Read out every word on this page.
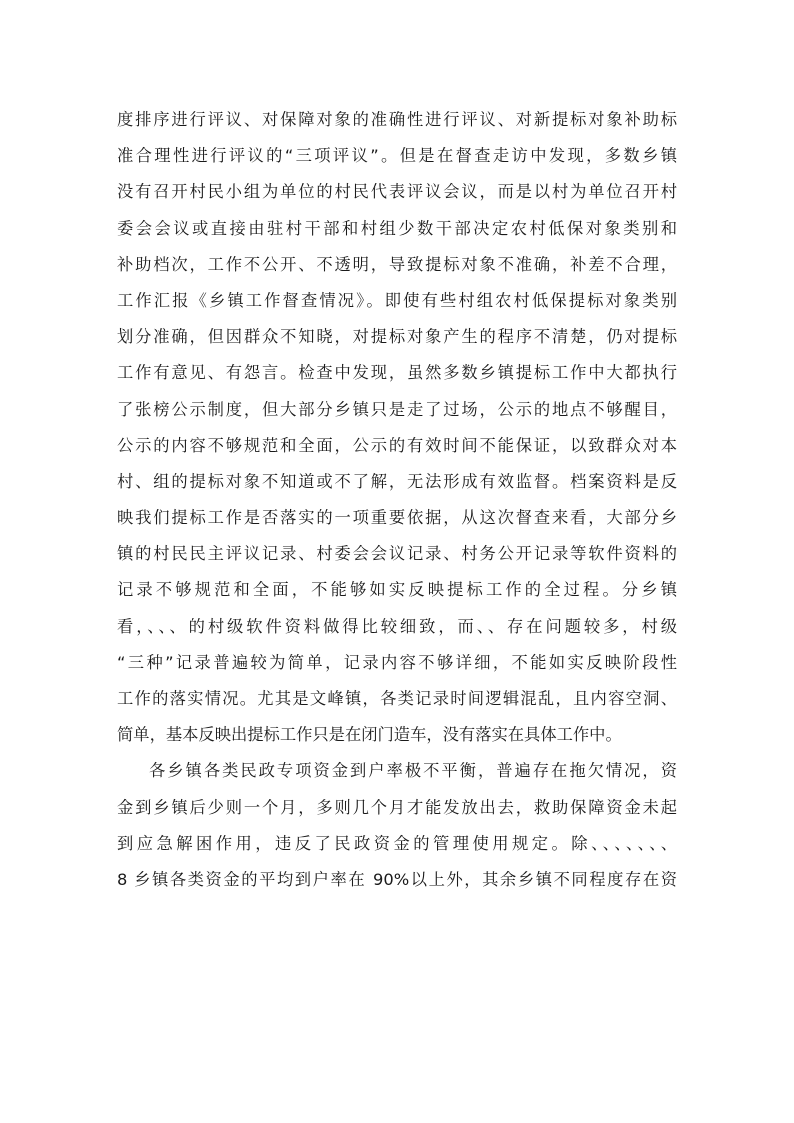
度排序进行评议、对保障对象的准确性进行评议、对新提标对象补助标
准合理性进行评议的“三项评议”。但是在督查走访中发现，多数乡镇
没有召开村民小组为单位的村民代表评议会议，而是以村为单位召开村
委会会议或直接由驻村干部和村组少数干部决定农村低保对象类别和
补助档次，工作不公开、不透明，导致提标对象不准确，补差不合理，
工作汇报《乡镇工作督查情况》。即使有些村组农村低保提标对象类别
划分准确，但因群众不知晓，对提标对象产生的程序不清楚，仍对提标
工作有意见、有怨言。检查中发现，虽然多数乡镇提标工作中大都执行
了张榜公示制度，但大部分乡镇只是走了过场，公示的地点不够醒目，
公示的内容不够规范和全面，公示的有效时间不能保证，以致群众对本
村、组的提标对象不知道或不了解，无法形成有效监督。档案资料是反
映我们提标工作是否落实的一项重要依据，从这次督查来看，大部分乡
镇的村民民主评议记录、村委会会议记录、村务公开记录等软件资料的
记录不够规范和全面，不能够如实反映提标工作的全过程。分乡镇
看，、、、的村级软件资料做得比较细致，而、、存在问题较多，村级
“三种”记录普遍较为简单，记录内容不够详细，不能如实反映阶段性
工作的落实情况。尤其是文峰镇，各类记录时间逻辑混乱，且内容空洞、
简单，基本反映出提标工作只是在闭门造车，没有落实在具体工作中。
各乡镇各类民政专项资金到户率极不平衡，普遍存在拖欠情况，资
金到乡镇后少则一个月，多则几个月才能发放出去，救助保障资金未起
到应急解困作用，违反了民政资金的管理使用规定。除、、、、、、、
8 乡镇各类资金的平均到户率在 90%以上外，其余乡镇不同程度存在资
